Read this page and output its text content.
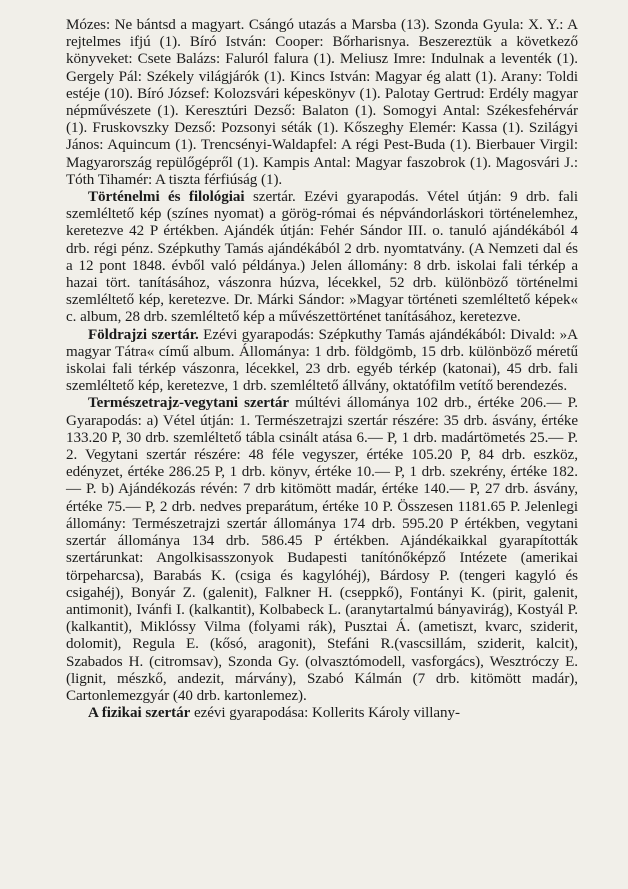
Mózes: Ne bántsd a magyart. Csángó utazás a Marsba (13). Szonda Gyula: X. Y.: A rejtelmes ifjú (1). Bíró István: Cooper: Bőrharisnya. Beszereztük a következő könyveket: Csete Balázs: Faluról falura (1). Meliusz Imre: Indulnak a leventék (1). Gergely Pál: Székely világjárók (1). Kincs István: Magyar ég alatt (1). Arany: Toldi estéje (10). Bíró József: Kolozsvári képeskönyv (1). Palotay Gertrud: Erdély magyar népművészete (1). Keresztúri Dezső: Balaton (1). Somogyi Antal: Székesfehérvár (1). Fruskovszky Dezső: Pozsonyi séták (1). Kőszeghy Elemér: Kassa (1). Szilágyi János: Aquincum (1). Trencsényi-Waldapfel: A régi Pest-Buda (1). Bierbauer Virgil: Magyarország repülőgépről (1). Kampis Antal: Magyar faszobrok (1). Magosvári J.: Tóth Tihamér: A tiszta férfiúság (1).

Történelmi és filológiai szertár. Ezévi gyarapodás. Vétel útján: 9 drb. fali szemléltető kép (színes nyomat) a görög-római és népvándorláskori történelemhez, keretezve 42 P értékben. Ajándék útján: Fehér Sándor III. o. tanuló ajándékából 4 drb. régi pénz. Szépkuthy Tamás ajándékából 2 drb. nyomtatvány. (A Nemzeti dal és a 12 pont 1848. évből való példánya.) Jelen állomány: 8 drb. iskolai fali térkép a hazai tört. tanításához, vászonra húzva, lécekkel, 52 drb. különböző történelmi szemléltető kép, keretezve. Dr. Márki Sándor: »Magyar történeti szemléltető képek« c. album, 28 drb. szemléltető kép a művészettörténet tanításához, keretezve.

Földrajzi szertár. Ezévi gyarapodás: Szépkuthy Tamás ajándékából: Divald: »A magyar Tátra« című album. Állománya: 1 drb. földgömb, 15 drb. különböző méretű iskolai fali térkép vászonra, lécekkel, 23 drb. egyéb térkép (katonai), 45 drb. fali szemléltető kép, keretezve, 1 drb. szemléltető állvány, oktatófilm vetítő berendezés.

Természetrajz-vegytani szertár múltévi állománya 102 drb., értéke 206.— P. Gyarapodás: a) Vétel útján: 1. Természetrajzi szertár részére: 35 drb. ásvány, értéke 133.20 P, 30 drb. szemléltető tábla csinált atása 6.— P, 1 drb. madártömetés 25.— P. 2. Vegytani szertár részére: 48 féle vegyszer, értéke 105.20 P, 84 drb. eszköz, edényzet, értéke 286.25 P, 1 drb. könyv, értéke 10.— P, 1 drb. szekrény, értéke 182.— P. b) Ajándékozás révén: 7 drb kitömött madár, értéke 140.— P, 27 drb. ásvány, értéke 75.— P, 2 drb. nedves preparátum, értéke 10 P. Összesen 1181.65 P. Jelenlegi állomány: Természetrajzi szertár állománya 174 drb. 595.20 P értékben, vegytani szertár állománya 134 drb. 586.45 P értékben. Ajándékaikkal gyarapították szertárunkat: Angolkisasszonyok Budapesti tanítónőképző Intézete (amerikai törpeharcsa), Barabás K. (csiga és kagylóhéj), Bárdosy P. (tengeri kagyló és csigahéj), Bonyár Z. (galenit), Falkner H. (cseppkő), Fontányi K. (pirit, galenit, antimonit), Ivánfi I. (kalkantit), Kolbabeck L. (aranytartalmú bányavirág), Kostyál P. (kalkantit), Miklóssy Vilma (folyami rák), Pusztai Á. (ametiszt, kvarc, sziderit, dolomit), Regula E. (kősó, aragonit), Stefáni R.(vascsillám, sziderit, kalcit), Szabados H. (citromsav), Szonda Gy. (olvasztómodell, vasforgács), Wesztróczy E. (lignit, mészkő, andezit, márvány), Szabó Kálmán (7 drb. kitömött madár), Cartonlemezgyár (40 drb. kartonlemez).

A fizikai szertár ezévi gyarapodása: Kollerits Károly villany-
